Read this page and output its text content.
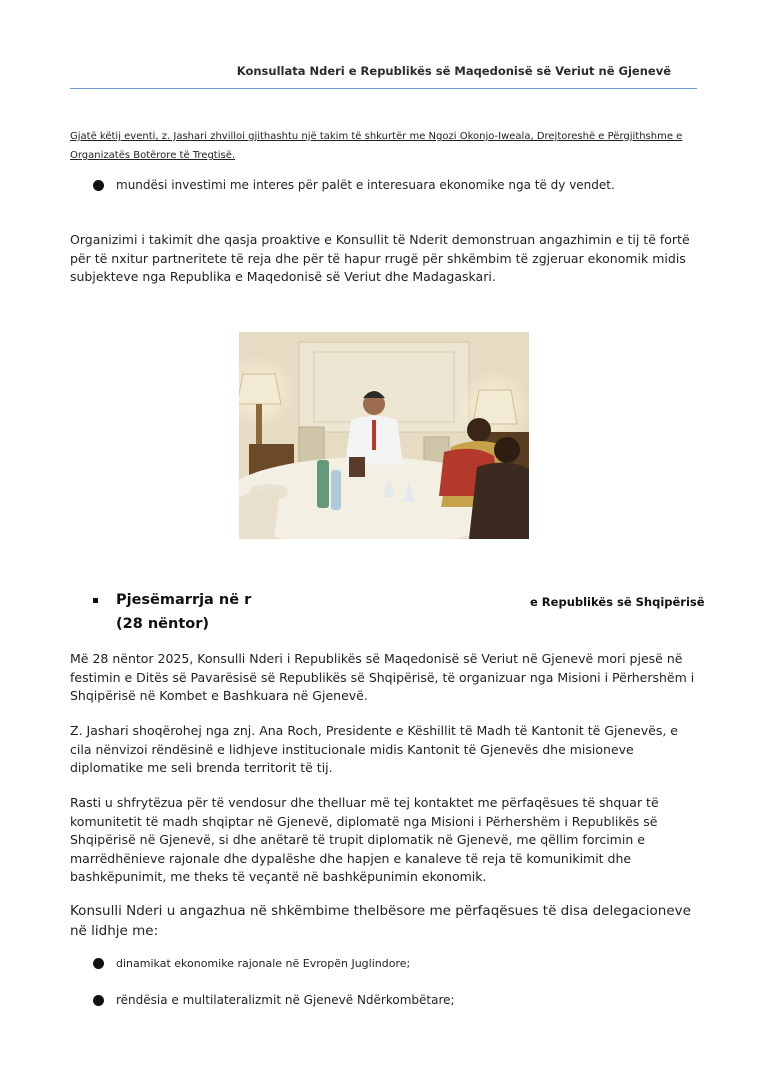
Konsullata Nderi e Republikës së Maqedonisë së Veriut në Gjenevë
Gjatë këtij eventi, z. Jashari zhvilloi gjithashtu një takim të shkurtër me Ngozi Okonjo-Iweala, Drejtoreshë e Përgjithshme e Organizatës Botërore të Tregtisë.
mundësi investimi me interes për palët e interesuara ekonomike nga të dy vendet.
Organizimi i takimit dhe qasja proaktive e Konsullit të Nderit demonstruan angazhimin e tij të fortë për të nxitur partneritete të reja dhe për të hapur rrugë për shkëmbim të zgjeruar ekonomik midis subjekteve nga Republika e Maqedonisë së Veriut dhe Madagaskari.
Pjesëmarrja në r	e Republikës së Shqipërisë
(28 nëntor)
Më 28 nëntor 2025, Konsulli Nderi i Republikës së Maqedonisë së Veriut në Gjenevë mori pjesë në festimin e Ditës së Pavarësisë së Republikës së Shqipërisë, të organizuar nga Misioni i Përhershëm i Shqipërisë në Kombet e Bashkuara në Gjenevë.
Z. Jashari shoqërohej nga znj. Ana Roch, Presidente e Këshillit të Madh të Kantonit të Gjenevës, e cila nënvizoi rëndësinë e lidhjeve institucionale midis Kantonit të Gjenevës dhe misioneve diplomatike me seli brenda territorit të tij.
Rasti u shfrytëzua për të vendosur dhe thelluar më tej kontaktet me përfaqësues të shquar të komunitetit të madh shqiptar në Gjenevë, diplomatë nga Misioni i Përhershëm i Republikës së Shqipërisë në Gjenevë, si dhe anëtarë të trupit diplomatik në Gjenevë, me qëllim forcimin e marrëdhënieve rajonale dhe dypalëshe dhe hapjen e kanaleve të reja të komunikimit dhe bashkëpunimit, me theks të veçantë në bashkëpunimin ekonomik.
Konsulli Nderi u angazhua në shkëmbime thelbësore me përfaqësues të disa delegacioneve në lidhje me:
dinamikat ekonomike rajonale në Evropën Juglindore;
rëndësia e multilateralizmit në Gjenevë Ndërkombëtare;
